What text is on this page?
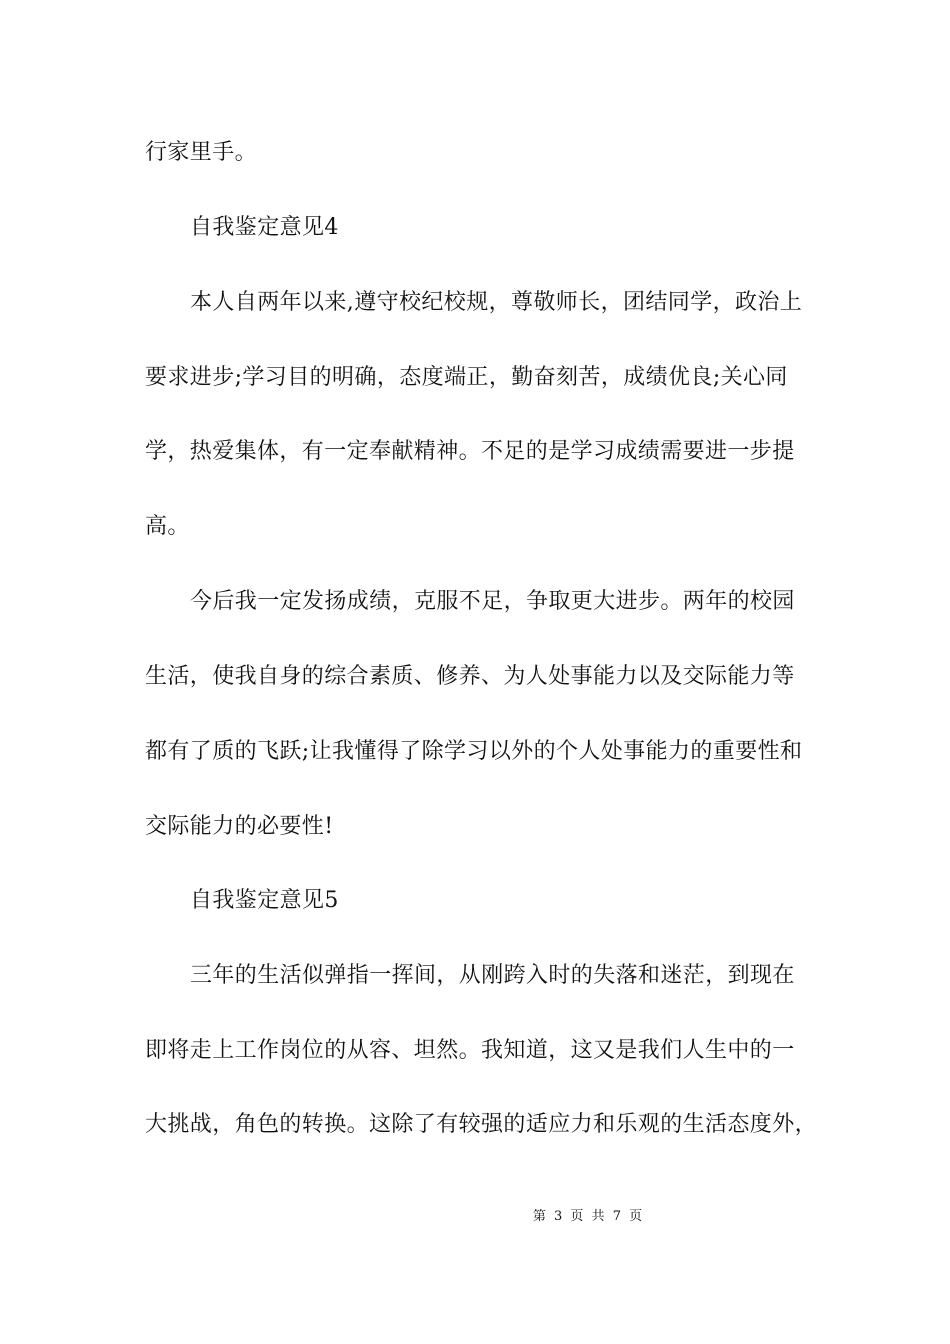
行家里手。
自我鉴定意见4
本人自两年以来,遵守校纪校规，尊敬师长，团结同学，政治上
要求进步;学习目的明确，态度端正，勤奋刻苦，成绩优良;关心同
学，热爱集体，有一定奉献精神。不足的是学习成绩需要进一步提
高。
今后我一定发扬成绩，克服不足，争取更大进步。两年的校园
生活，使我自身的综合素质、修养、为人处事能力以及交际能力等
都有了质的飞跃;让我懂得了除学习以外的个人处事能力的重要性和
交际能力的必要性!
自我鉴定意见5
三年的生活似弹指一挥间，从刚跨入时的失落和迷茫，到现在
即将走上工作岗位的从容、坦然。我知道，这又是我们人生中的一
大挑战，角色的转换。这除了有较强的适应力和乐观的生活态度外，
第 3 页 共 7 页
